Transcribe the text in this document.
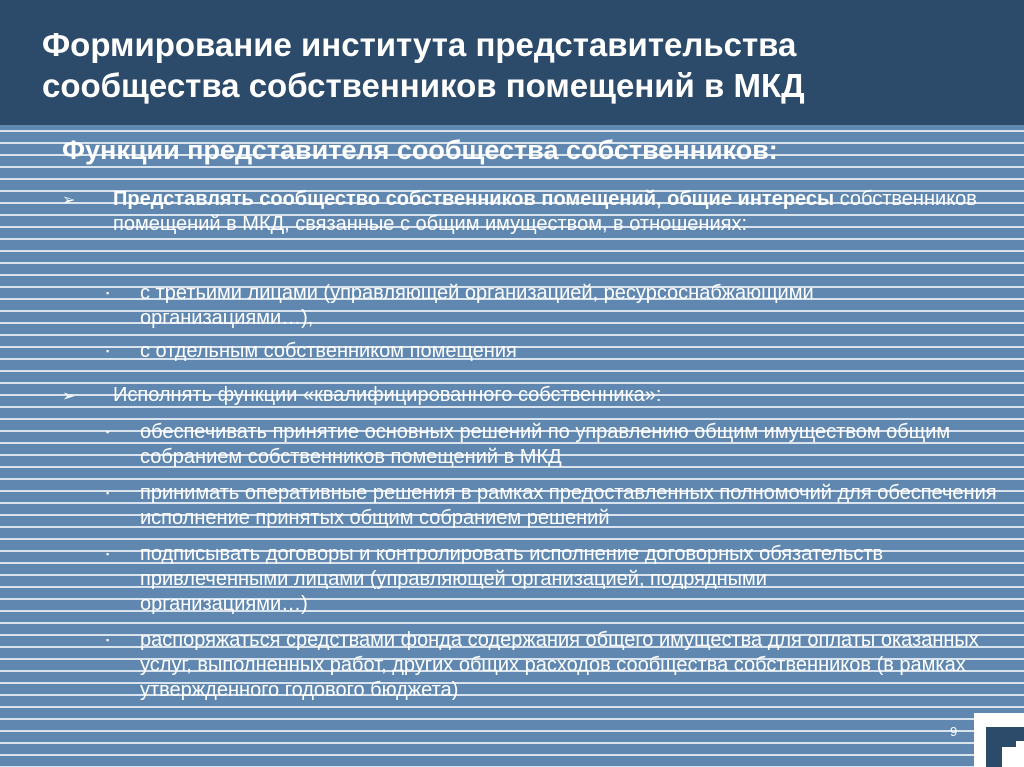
Формирование института представительства
сообщества собственников помещений в МКД
Функции представителя сообщества собственников:
➢ Представлять сообщество собственников помещений, общие интересы собственников помещений в МКД, связанные с общим имуществом, в отношениях:
▪ с третьими лицами (управляющей организацией, ресурсоснабжающими организациями…),
▪ с отдельным собственником помещения
➢ Исполнять функции «квалифицированного собственника»:
▪ обеспечивать принятие основных решений по управлению общим имуществом общим собранием собственников помещений в МКД
▪ принимать оперативные решения в рамках предоставленных полномочий для обеспечения исполнение принятых общим собранием решений
▪ подписывать договоры и контролировать исполнение договорных обязательств привлеченными лицами (управляющей организацией, подрядными организациями…)
▪ распоряжаться средствами фонда содержания общего имущества для оплаты оказанных услуг, выполненных работ, других общих расходов сообщества собственников (в рамках утвержденного годового бюджета)
9
